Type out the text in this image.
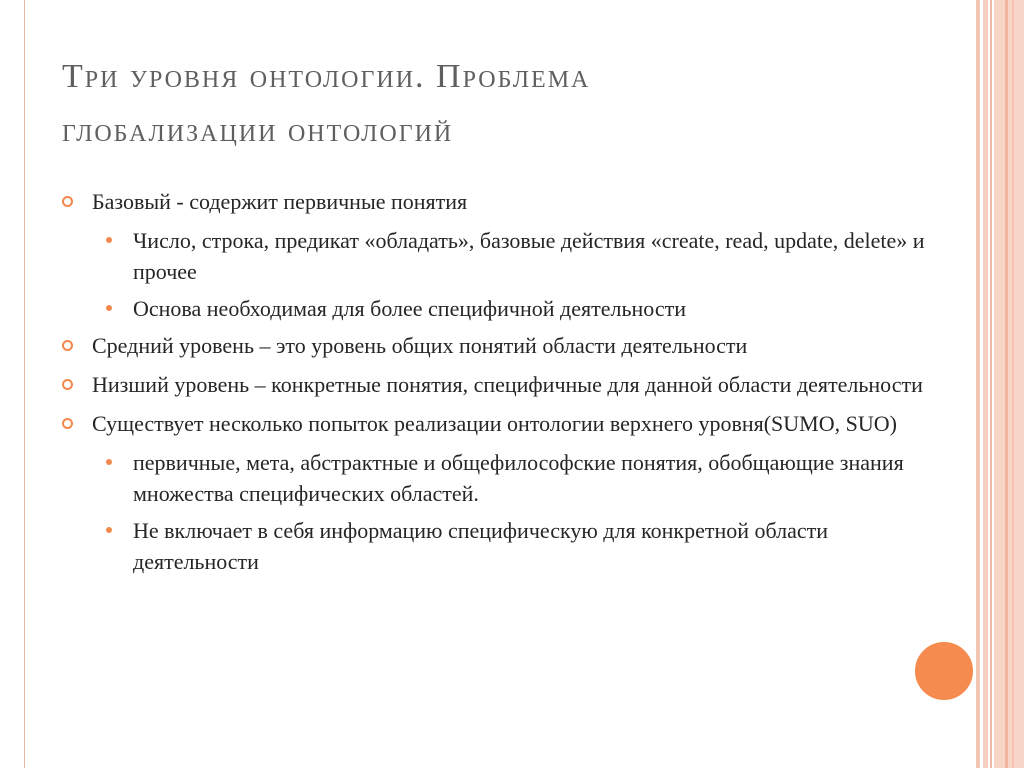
Три уровня онтологии. Проблема
глобализации онтологий
Базовый - содержит первичные понятия
Число, строка, предикат «обладать», базовые действия «create, read, update, delete» и прочее
Основа необходимая для более специфичной деятельности
Средний уровень – это уровень общих понятий области деятельности
Низший уровень – конкретные понятия, специфичные для данной области деятельности
Существует несколько попыток реализации онтологии верхнего уровня(SUMO, SUO)
первичные, мета, абстрактные и общефилософские понятия, обобщающие знания множества специфических областей.
Не включает в себя информацию специфическую для конкретной области деятельности
